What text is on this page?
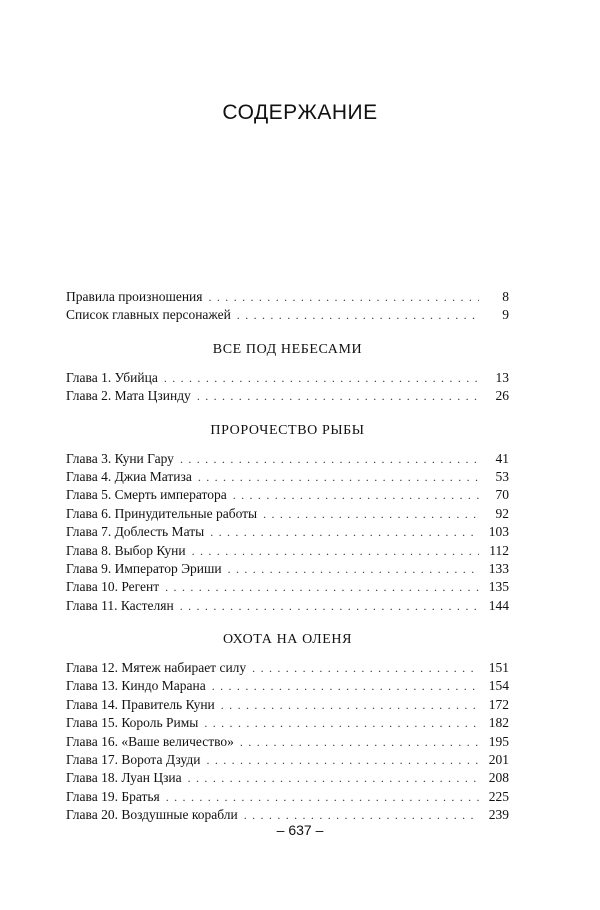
СОДЕРЖАНИЕ
Правила произношения . . .	8
Список главных персонажей . . .	9
ВСЕ ПОД НЕБЕСАМИ
Глава 1. Убийца . . .	13
Глава 2. Мата Цзинду . . .	26
ПРОРОЧЕСТВО РЫБЫ
Глава 3. Куни Гару . . .	41
Глава 4. Джиа Матиза . . .	53
Глава 5. Смерть императора . . .	70
Глава 6. Принудительные работы . . .	92
Глава 7. Доблесть Маты . . .	103
Глава 8. Выбор Куни . . .	112
Глава 9. Император Эриши . . .	133
Глава 10. Регент . . .	135
Глава 11. Кастелян . . .	144
ОХОТА НА ОЛЕНЯ
Глава 12. Мятеж набирает силу . . .	151
Глава 13. Киндо Марана . . .	154
Глава 14. Правитель Куни . . .	172
Глава 15. Король Римы . . .	182
Глава 16. «Ваше величество» . . .	195
Глава 17. Ворота Дзуди . . .	201
Глава 18. Луан Цзиа . . .	208
Глава 19. Братья . . .	225
Глава 20. Воздушные корабли . . .	239
– 637 –
